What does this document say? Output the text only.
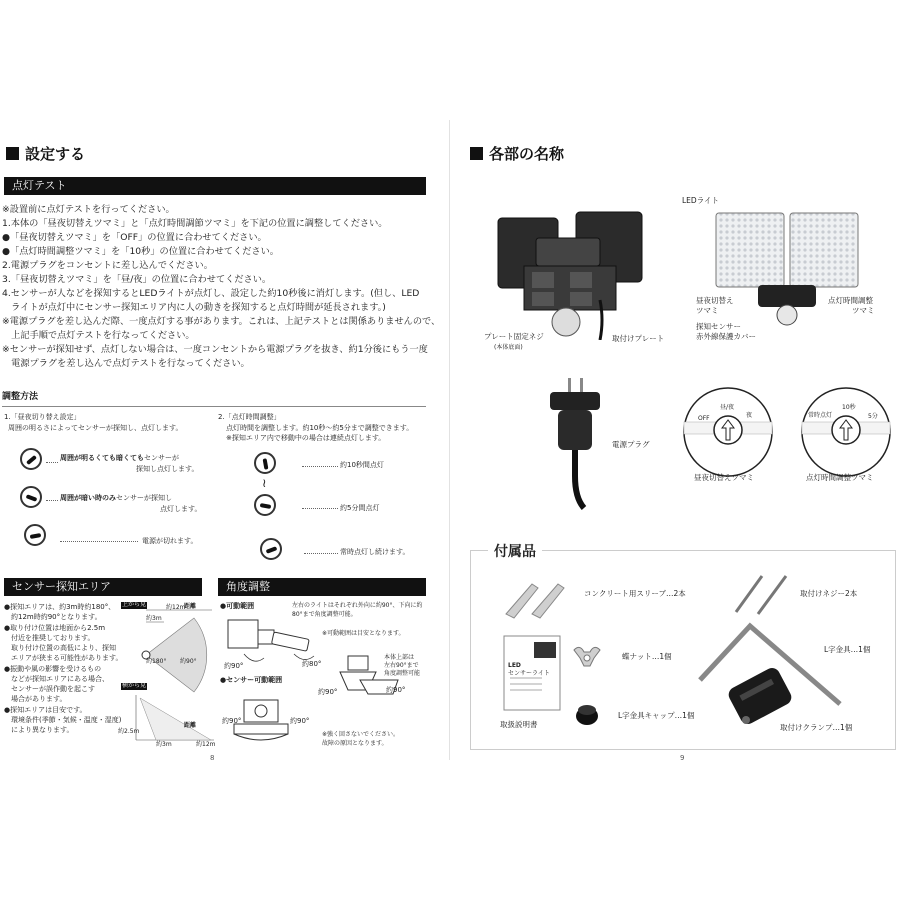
設定する
点灯テスト
※設置前に点灯テストを行ってください。
1.本体の「昼夜切替えツマミ」と「点灯時間調節ツマミ」を下記の位置に調整してください。
●「昼夜切替えツマミ」を「OFF」の位置に合わせてください。
●「点灯時間調整ツマミ」を「10秒」の位置に合わせてください。
2.電源プラグをコンセントに差し込んでください。
3.「昼夜切替えツマミ」を「昼/夜」の位置に合わせてください。
4.センサーが人などを探知するとLEDライトが点灯し、設定した約10秒後に消灯します。(但し、LED
　ライトが点灯中にセンサー探知エリア内に人の動きを探知すると点灯時間が延長されます。)
※電源プラグを差し込んだ際、一度点灯する事があります。これは、上記テストとは関係ありませんので、
　上記手順で点灯テストを行なってください。
※センサーが探知せず、点灯しない場合は、一度コンセントから電源プラグを抜き、約1分後にもう一度
　電源プラグを差し込んで点灯テストを行なってください。
調整方法
1.「昼夜切り替え設定」
周囲の明るさによってセンサーが探知し、点灯します。
周囲が明るくても暗くてもセンサーが
探知し点灯します。
周囲が暗い時のみセンサーが探知し
点灯します。
電源が切れます。
2.「点灯時間調整」
点灯時間を調整します。約10秒～約5分まで調整できます。
※探知エリア内で移動中の場合は連続点灯します。
約10秒間点灯
≀
約5分間点灯
常時点灯し続けます。
センサー探知エリア
●探知エリアは、約3m時約180°、
　約12m時約90°となります。
●取り付け位置は地面から2.5m
　付近を推奨しております。
　取り付け位置の高低により、探知
　エリアが狭まる可能性があります。
●振動や風の影響を受けるもの
　などが探知エリアにある場合、
　センサーが誤作動を起こす
　場合があります。
●探知エリアは目安です。
　環境条件(季節・気候・温度・湿度)
　により異なります。
上から見
横から見
距離
約12m
約3m
約180° 約90°
距離
約2.5m
約3m	約12m
角度調整
●可動範囲	左右のライトはそれぞれ外向に約90°、下向に約
80°まで角度調整可能。
※可動範囲は目安となります。
約90°	約80°
●センサー可動範囲
本体上部は
左右90°まで
角度調整可能
約90°	約90°
約90°	約90°
※強く回さないでください。
故障の原因となります。
8
各部の名称
プレート固定ネジ
(本体底面)
取付けプレート
LEDライト
昼夜切替え
ツマミ
点灯時間調整
ツマミ
探知センサー
赤外線保護カバー
電源プラグ
昼/夜
OFF	夜
昼夜切替えツマミ
10秒
常時点灯	5分
点灯時間調整ツマミ
付属品
コンクリート用スリーブ…2本	取付けネジー2本
蝶ナット…1個
L字金具…1個
L字金具キャップ…1個
LED
センサーライト
取扱説明書	取付けクランプ…1個
9
